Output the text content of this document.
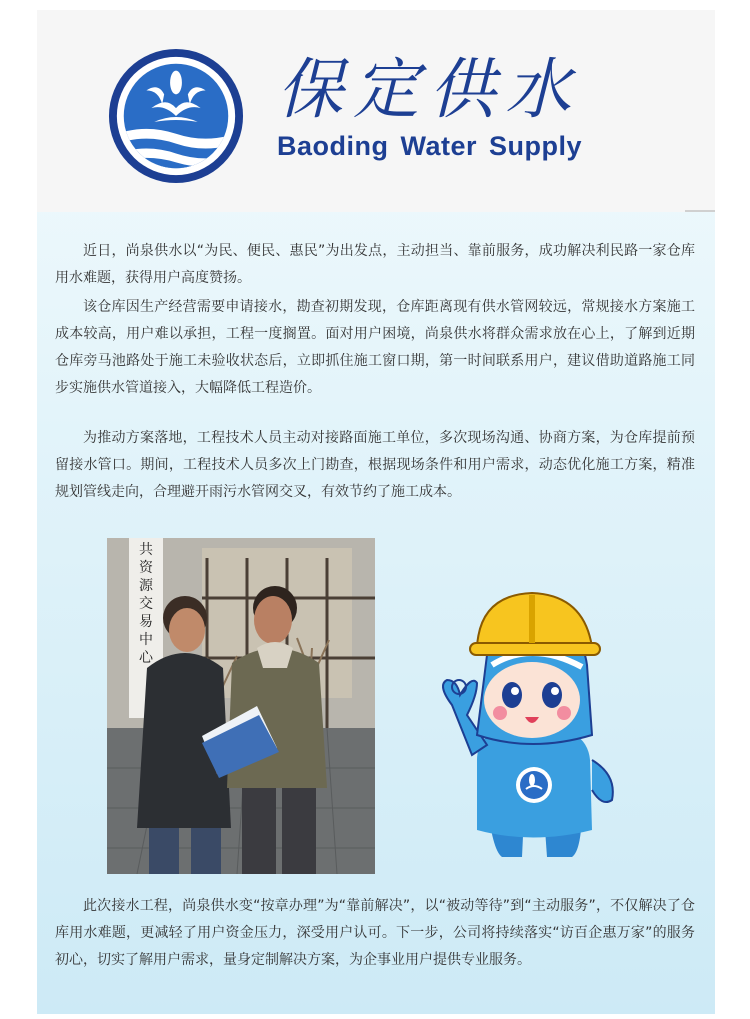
保定供水
Baoding Water Supply

近日，尚泉供水以“为民、便民、惠民”为出发点，主动担当、靠前服务，成功解决利民路一家仓库用水难题，获得用户高度赞扬。

该仓库因生产经营需要申请接水，勘查初期发现，仓库距离现有供水管网较远，常规接水方案施工成本较高，用户难以承担，工程一度搁置。面对用户困境，尚泉供水将群众需求放在心上，了解到近期仓库旁马池路处于施工未验收状态后，立即抓住施工窗口期，第一时间联系用户，建议借助道路施工同步实施供水管道接入，大幅降低工程造价。

为推动方案落地，工程技术人员主动对接路面施工单位，多次现场沟通、协商方案，为仓库提前预留接水管口。期间，工程技术人员多次上门勘查，根据现场条件和用户需求，动态优化施工方案，精准规划管线走向，合理避开雨污水管网交叉，有效节约了施工成本。

共资源交易中心

此次接水工程，尚泉供水变“按章办理”为“靠前解决”，以“被动等待”到“主动服务”，不仅解决了仓库用水难题，更减轻了用户资金压力，深受用户认可。下一步，公司将持续落实“访百企惠万家”的服务初心，切实了解用户需求，量身定制解决方案，为企事业用户提供专业服务。
